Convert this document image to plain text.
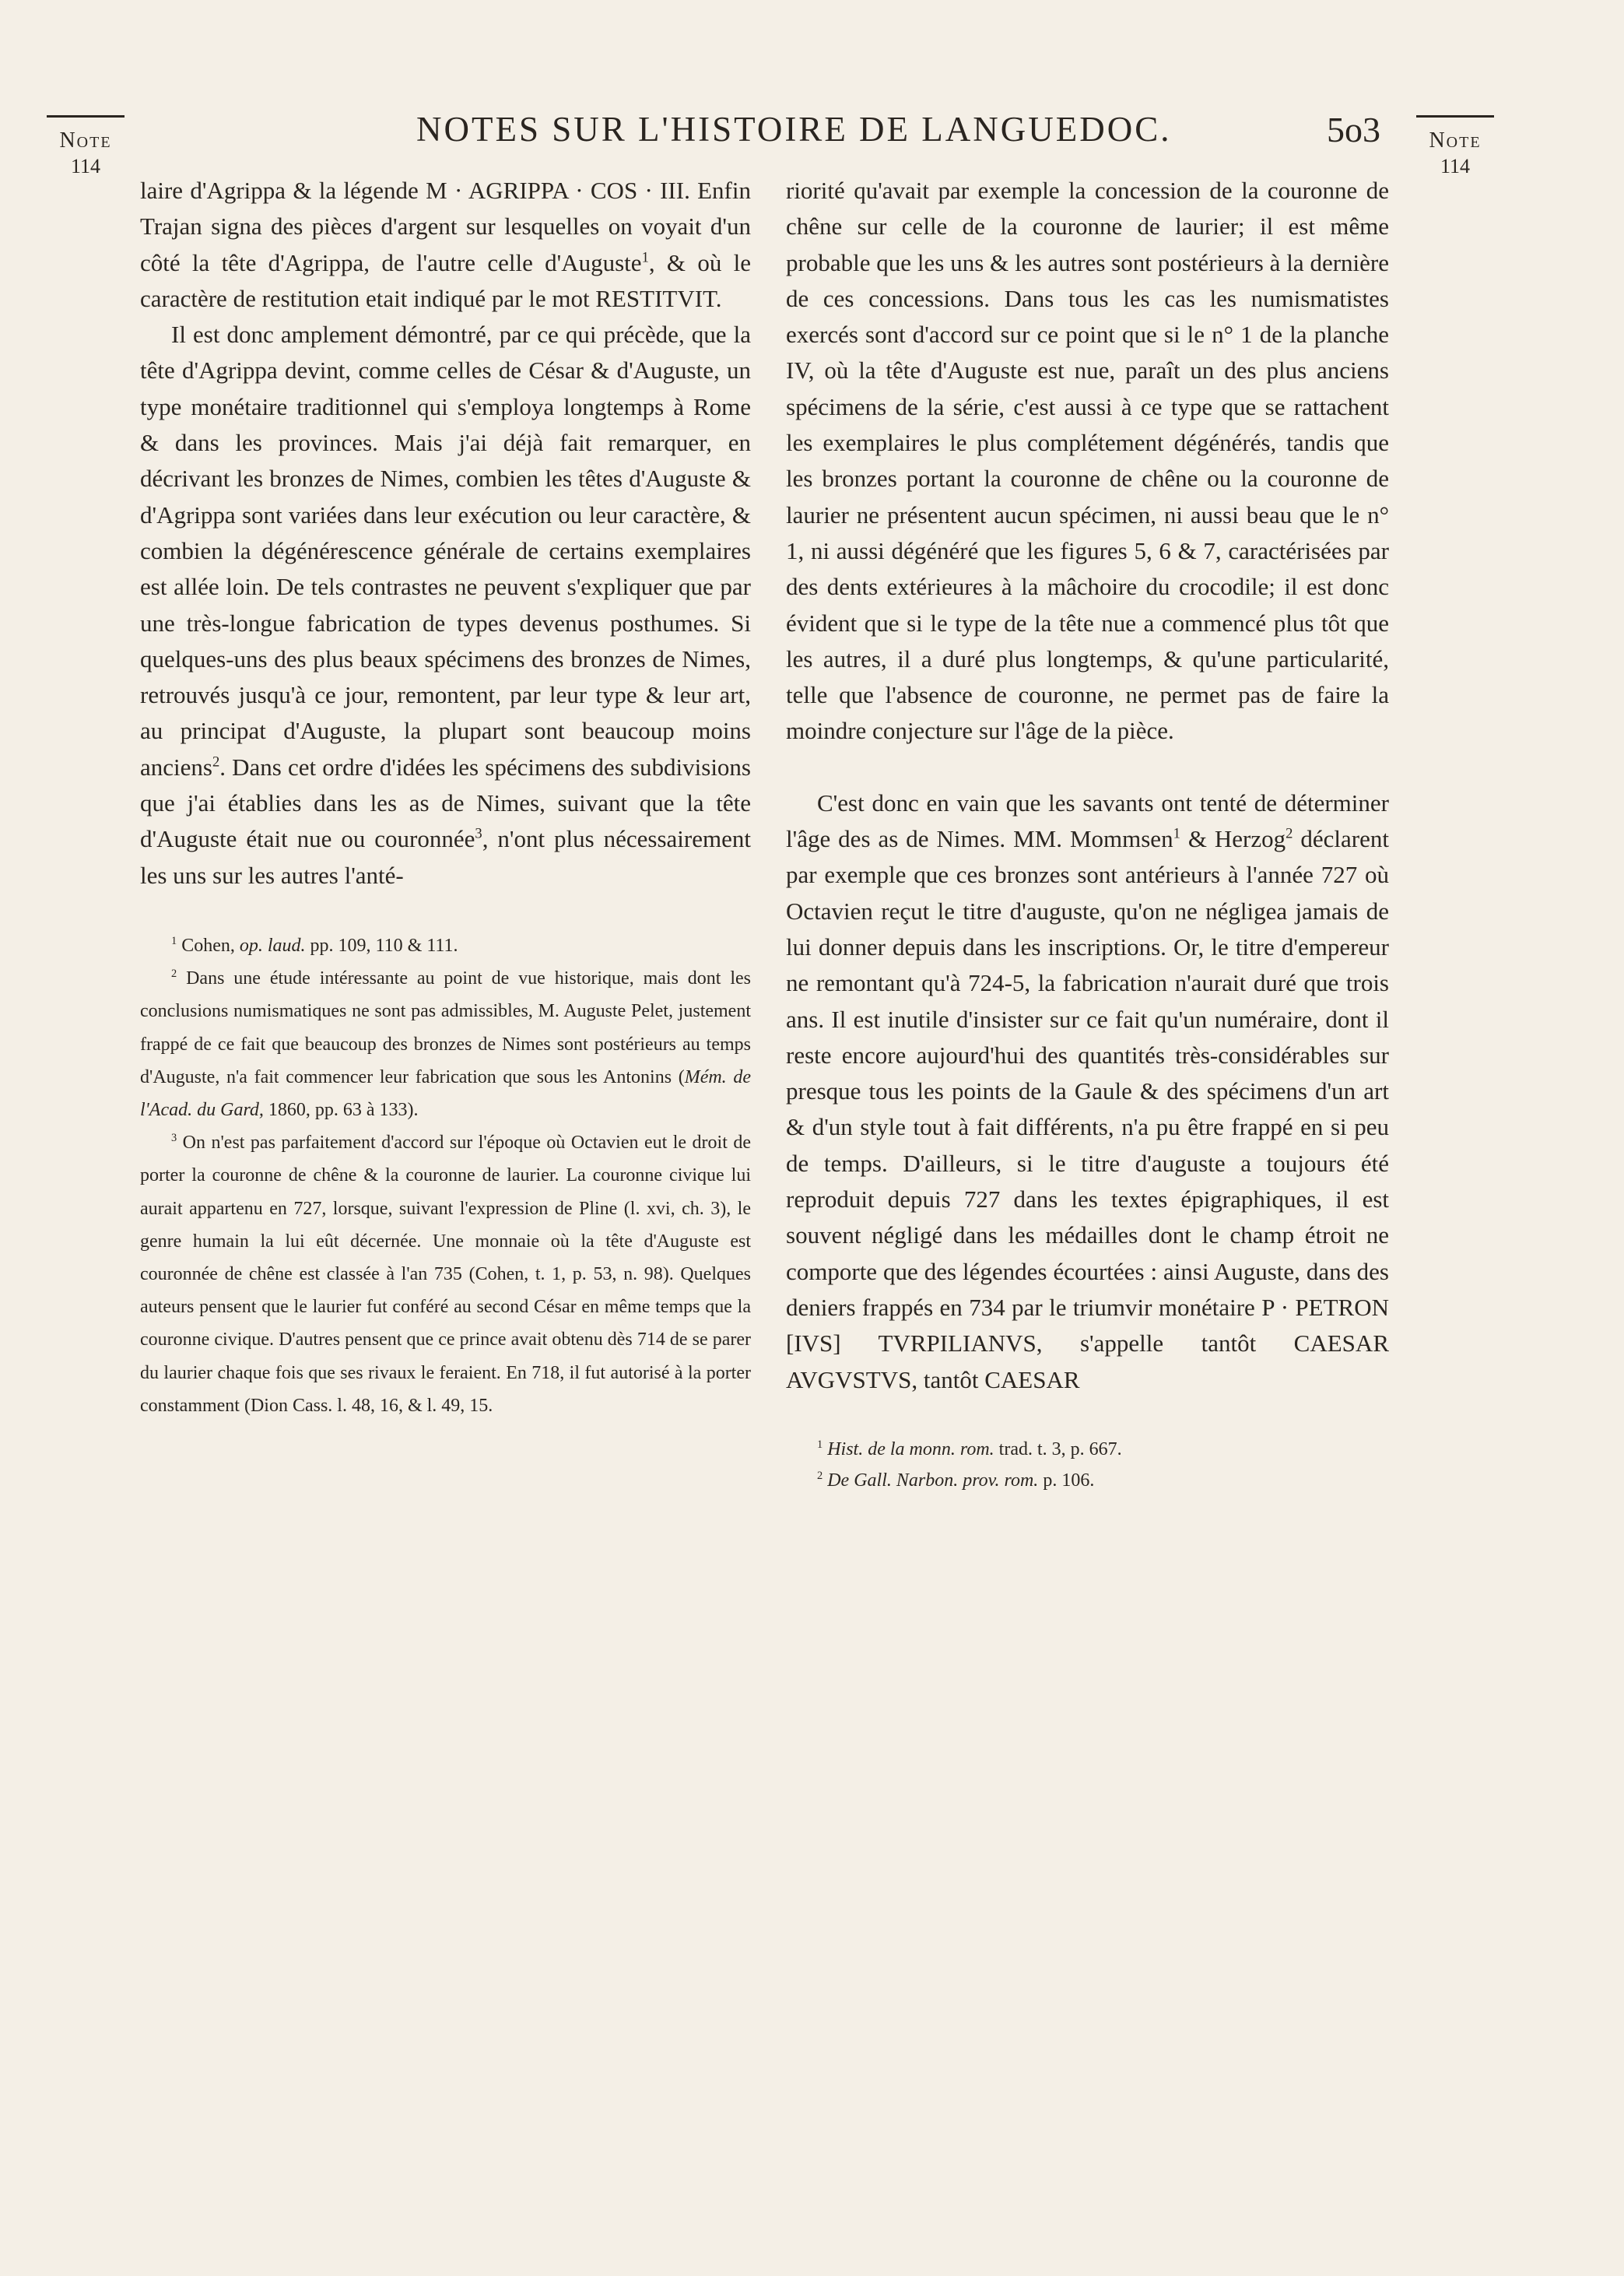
NOTES SUR L'HISTOIRE DE LANGUEDOC.	5o3
Note
114
Note
114

laire d'Agrippa & la légende M · AGRIPPA · COS · III. Enfin Trajan signa des pièces d'argent sur lesquelles on voyait d'un côté la tête d'Agrippa, de l'autre celle d'Auguste$^1$, & où le caractère de restitution etait indiqué par le mot RESTITVIT.

Il est donc amplement démontré, par ce qui précède, que la tête d'Agrippa devint, comme celles de César & d'Auguste, un type monétaire traditionnel qui s'employa longtemps à Rome & dans les provinces. Mais j'ai déjà fait remarquer, en décrivant les bronzes de Nimes, combien les têtes d'Auguste & d'Agrippa sont variées dans leur exécution ou leur caractère, & combien la dégénérescence générale de certains exemplaires est allée loin. De tels contrastes ne peuvent s'expliquer que par une très-longue fabrication de types devenus posthumes. Si quelques-uns des plus beaux spécimens des bronzes de Nimes, retrouvés jusqu'à ce jour, remontent, par leur type & leur art, au principat d'Auguste, la plupart sont beaucoup moins anciens$^2$. Dans cet ordre d'idées les spécimens des subdivisions que j'ai établies dans les as de Nimes, suivant que la tête d'Auguste était nue ou couronnée$^3$, n'ont plus nécessairement les uns sur les autres l'anté-

$^1$ Cohen, op. laud. pp. 109, 110 & 111.

$^2$ Dans une étude intéressante au point de vue historique, mais dont les conclusions numismatiques ne sont pas admissibles, M. Auguste Pelet, justement frappé de ce fait que beaucoup des bronzes de Nimes sont postérieurs au temps d'Auguste, n'a fait commencer leur fabrication que sous les Antonins (Mém. de l'Acad. du Gard, 1860, pp. 63 à 133).

$^3$ On n'est pas parfaitement d'accord sur l'époque où Octavien eut le droit de porter la couronne de chêne & la couronne de laurier. La couronne civique lui aurait appartenu en 727, lorsque, suivant l'expression de Pline (l. xvi, ch. 3), le genre humain la lui eût décernée. Une monnaie où la tête d'Auguste est couronnée de chêne est classée à l'an 735 (Cohen, t. 1, p. 53, n. 98). Quelques auteurs pensent que le laurier fut conféré au second César en même temps que la couronne civique. D'autres pensent que ce prince avait obtenu dès 714 de se parer du laurier chaque fois que ses rivaux le feraient. En 718, il fut autorisé à la porter constamment (Dion Cass. l. 48, 16, & l. 49, 15.

riorité qu'avait par exemple la concession de la couronne de chêne sur celle de la couronne de laurier; il est même probable que les uns & les autres sont postérieurs à la dernière de ces concessions. Dans tous les cas les numismatistes exercés sont d'accord sur ce point que si le n° 1 de la planche IV, où la tête d'Auguste est nue, paraît un des plus anciens spécimens de la série, c'est aussi à ce type que se rattachent les exemplaires le plus complétement dégénérés, tandis que les bronzes portant la couronne de chêne ou la couronne de laurier ne présentent aucun spécimen, ni aussi beau que le n° 1, ni aussi dégénéré que les figures 5, 6 & 7, caractérisées par des dents extérieures à la mâchoire du crocodile; il est donc évident que si le type de la tête nue a commencé plus tôt que les autres, il a duré plus longtemps, & qu'une particularité, telle que l'absence de couronne, ne permet pas de faire la moindre conjecture sur l'âge de la pièce.

C'est donc en vain que les savants ont tenté de déterminer l'âge des as de Nimes. MM. Mommsen$^1$ & Herzog$^2$ déclarent par exemple que ces bronzes sont antérieurs à l'année 727 où Octavien reçut le titre d'auguste, qu'on ne négligea jamais de lui donner depuis dans les inscriptions. Or, le titre d'empereur ne remontant qu'à 724-5, la fabrication n'aurait duré que trois ans. Il est inutile d'insister sur ce fait qu'un numéraire, dont il reste encore aujourd'hui des quantités très-considérables sur presque tous les points de la Gaule & des spécimens d'un art & d'un style tout à fait différents, n'a pu être frappé en si peu de temps. D'ailleurs, si le titre d'auguste a toujours été reproduit depuis 727 dans les textes épigraphiques, il est souvent négligé dans les médailles dont le champ étroit ne comporte que des légendes écourtées : ainsi Auguste, dans des deniers frappés en 734 par le triumvir monétaire P · PETRON [IVS] TVRPILIANVS, s'appelle tantôt CAESAR AVGVSTVS, tantôt CAESAR

$^1$ Hist. de la monn. rom. trad. t. 3, p. 667.

$^2$ De Gall. Narbon. prov. rom. p. 106.
